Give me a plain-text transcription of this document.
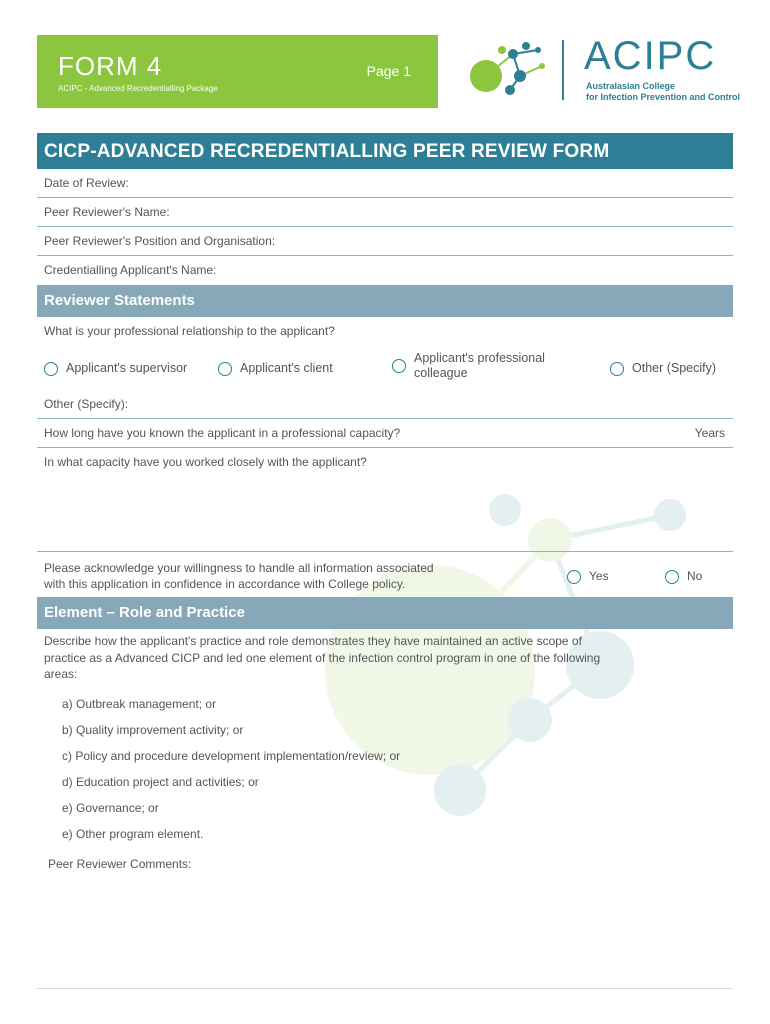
FORM 4	Page 1
ACIPC - Advanced Recredentialling Package
ACIPC
Australasian College
for Infection Prevention and Control
CICP-ADVANCED RECREDENTIALLING PEER REVIEW FORM
Date of Review:
Peer Reviewer's Name:
Peer Reviewer's Position and Organisation:
Credentialling Applicant's Name:
Reviewer Statements
What is your professional relationship to the applicant?
Applicant's supervisor	Applicant's client
Applicant's professional
colleague	Other (Specify)
Other (Specify):
How long have you known the applicant in a professional capacity?	Years
In what capacity have you worked closely with the applicant?
Please acknowledge your willingness to handle all information associated
with this application in confidence in accordance with College policy.
Yes	No
Element – Role and Practice
Describe how the applicant's practice and role demonstrates they have maintained an active scope of
practice as a Advanced CICP and led one element of the infection control program in one of the following
areas:
a) Outbreak management; or
b) Quality improvement activity; or
c) Policy and procedure development implementation/review; or
d) Education project and activities; or
e) Governance; or
e) Other program element.
Peer Reviewer Comments:
